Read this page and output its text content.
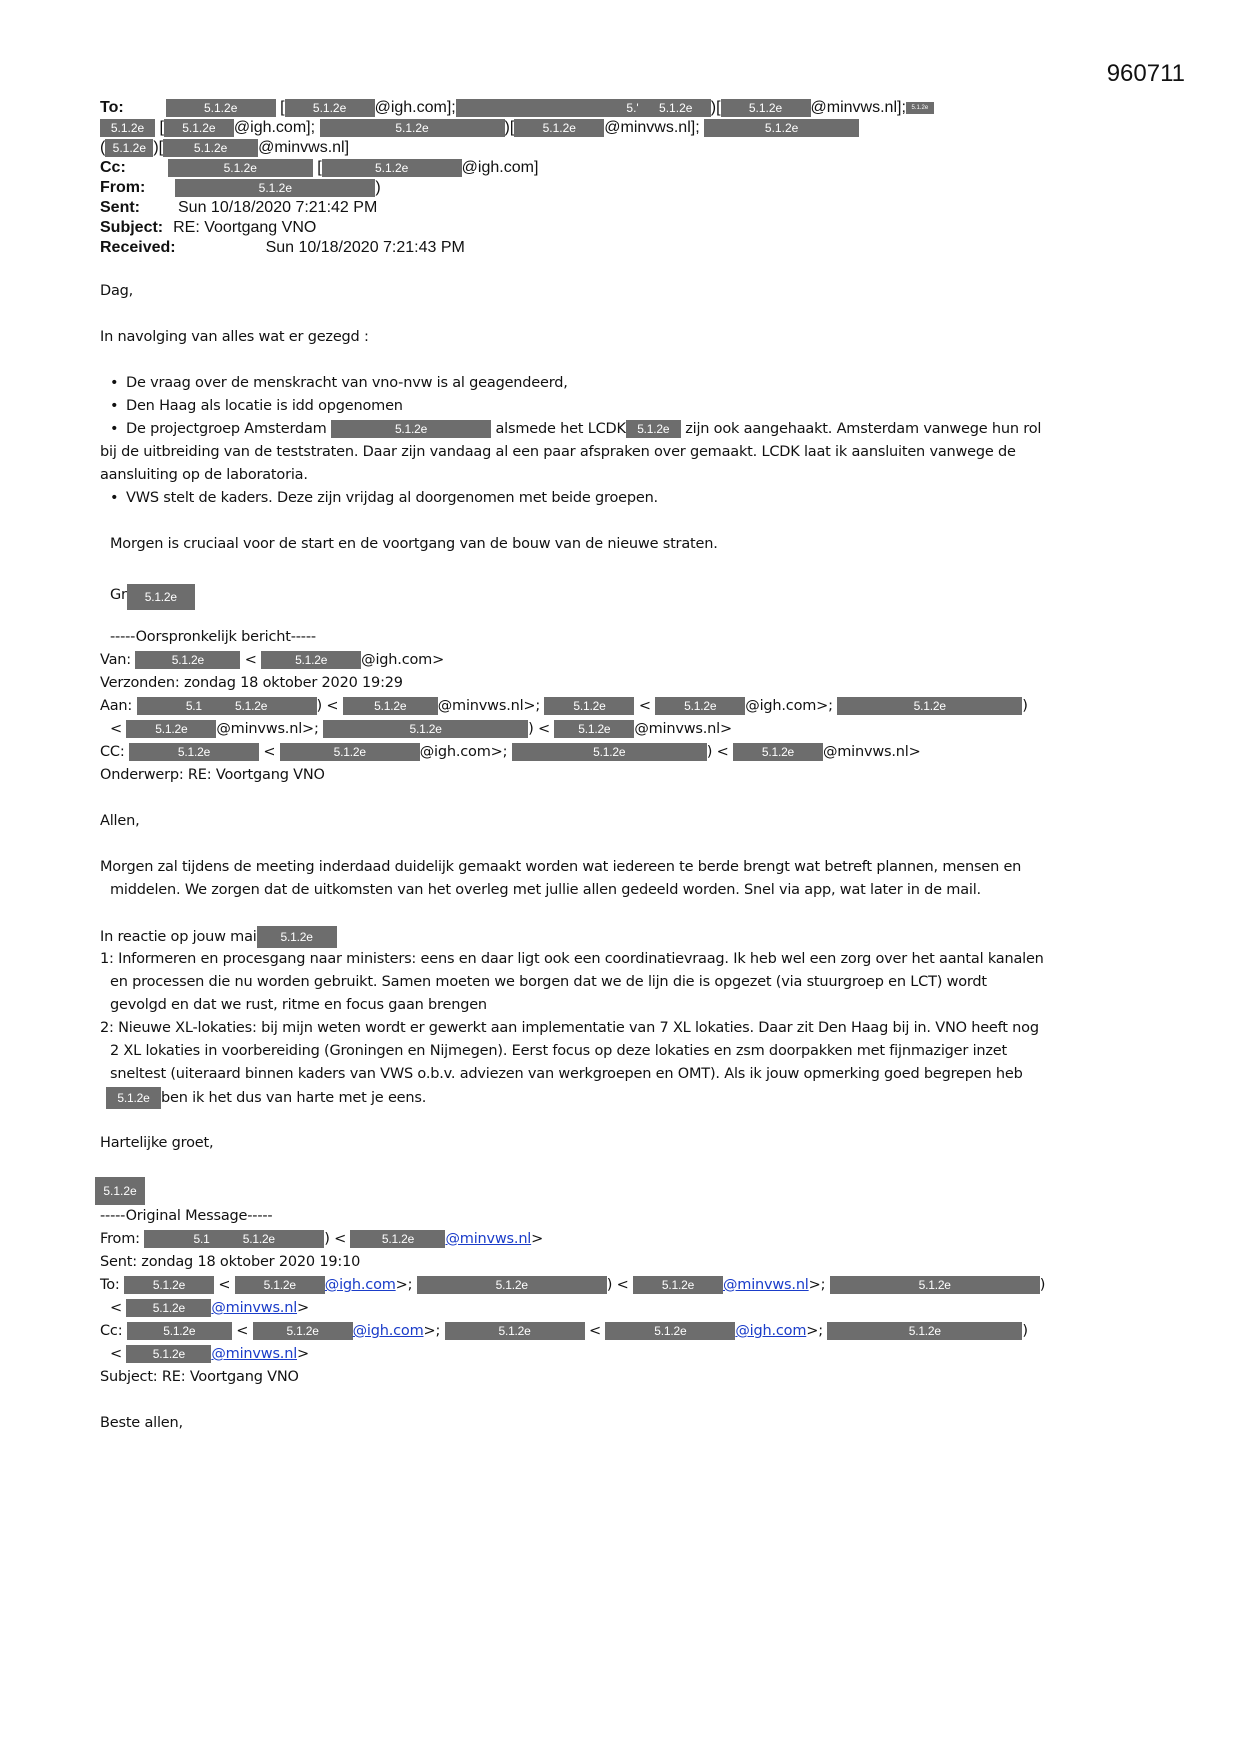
960711
To:	5.1.2e [ 5.1.2e @igh.com];	5.' 5.1.2e )[ 5.1.2e @minvws.nl]; 5.1.2e
5.1.2e [ 5.1.2e @igh.com];	5.1.2e	)[ 5.1.2e @minvws.nl];	5.1.2e
( 5.1.2e )[	5.1.2e @minvws.nl]
Cc:	5.1.2e	[	5.1.2e	@igh.com]
From:	5.1.2e	)
Sent: Sun 10/18/2020 7:21:42 PM
Subject: RE: Voortgang VNO
Received:	Sun 10/18/2020 7:21:43 PM
Dag,
In navolging van alles wat er gezegd :
• De vraag over de menskracht van vno-nvw is al geagendeerd,
• Den Haag als locatie is idd opgenomen
• De projectgroep Amsterdam	5.1.2e	alsmede het LCDK 5.1.2e zijn ook aangehaakt. Amsterdam vanwege hun rol
bij de uitbreiding van de teststraten. Daar zijn vandaag al een paar afspraken over gemaakt. LCDK laat ik aansluiten vanwege de
aansluiting op de laboratoria.
• VWS stelt de kaders. Deze zijn vrijdag al doorgenomen met beide groepen.
Morgen is cruciaal voor de start en de voortgang van de bouw van de nieuwe straten.
Gr 5.1.2e
-----Oorspronkelijk bericht-----
Van:	5.1.2e	<	5.1.2e @igh.com>
Verzonden: zondag 18 oktober 2020 19:29
Aan:	5.1 5.1.2e	) <	5.1.2e @minvws.nl>;	5.1.2e < 5.1.2e @igh.com>;	5.1.2e	)
< 5.1.2e @minvws.nl>;	5.1.2e	) < 5.1.2e @minvws.nl>
CC:	5.1.2e	<	5.1.2e	@igh.com>;	5.1.2e	) < 5.1.2e @minvws.nl>
Onderwerp: RE: Voortgang VNO
Allen,
Morgen zal tijdens de meeting inderdaad duidelijk gemaakt worden wat iedereen te berde brengt wat betreft plannen, mensen en
middelen. We zorgen dat de uitkomsten van het overleg met jullie allen gedeeld worden. Snel via app, wat later in de mail.
In reactie op jouw mai 5.1.2e
1: Informeren en procesgang naar ministers: eens en daar ligt ook een coordinatievraag. Ik heb wel een zorg over het aantal kanalen
en processen die nu worden gebruikt. Samen moeten we borgen dat we de lijn die is opgezet (via stuurgroep en LCT) wordt
gevolgd en dat we rust, ritme en focus gaan brengen
2: Nieuwe XL-lokaties: bij mijn weten wordt er gewerkt aan implementatie van 7 XL lokaties. Daar zit Den Haag bij in. VNO heeft nog
2 XL lokaties in voorbereiding (Groningen en Nijmegen). Eerst focus op deze lokaties en zsm doorpakken met fijnmaziger inzet
sneltest (uiteraard binnen kaders van VWS o.b.v. adviezen van werkgroepen en OMT). Als ik jouw opmerking goed begrepen heb
5.1.2e ben ik het dus van harte met je eens.
Hartelijke groet,
5.1.2e
-----Original Message-----
From:	5.1 5.1.2e	) <	5.1.2e @minvws.nl>
Sent: zondag 18 oktober 2020 19:10
To:	5.1.2e < 5.1.2e @igh.com>;	5.1.2e	) < 5.1.2e @minvws.nl>;	5.1.2e	)
< 5.1.2e @minvws.nl>
Cc:	5.1.2e	<	5.1.2e @igh.com>;	5.1.2e	<	5.1.2e	@igh.com>;	5.1.2e	)
< 5.1.2e @minvws.nl>
Subject: RE: Voortgang VNO
Beste allen,
